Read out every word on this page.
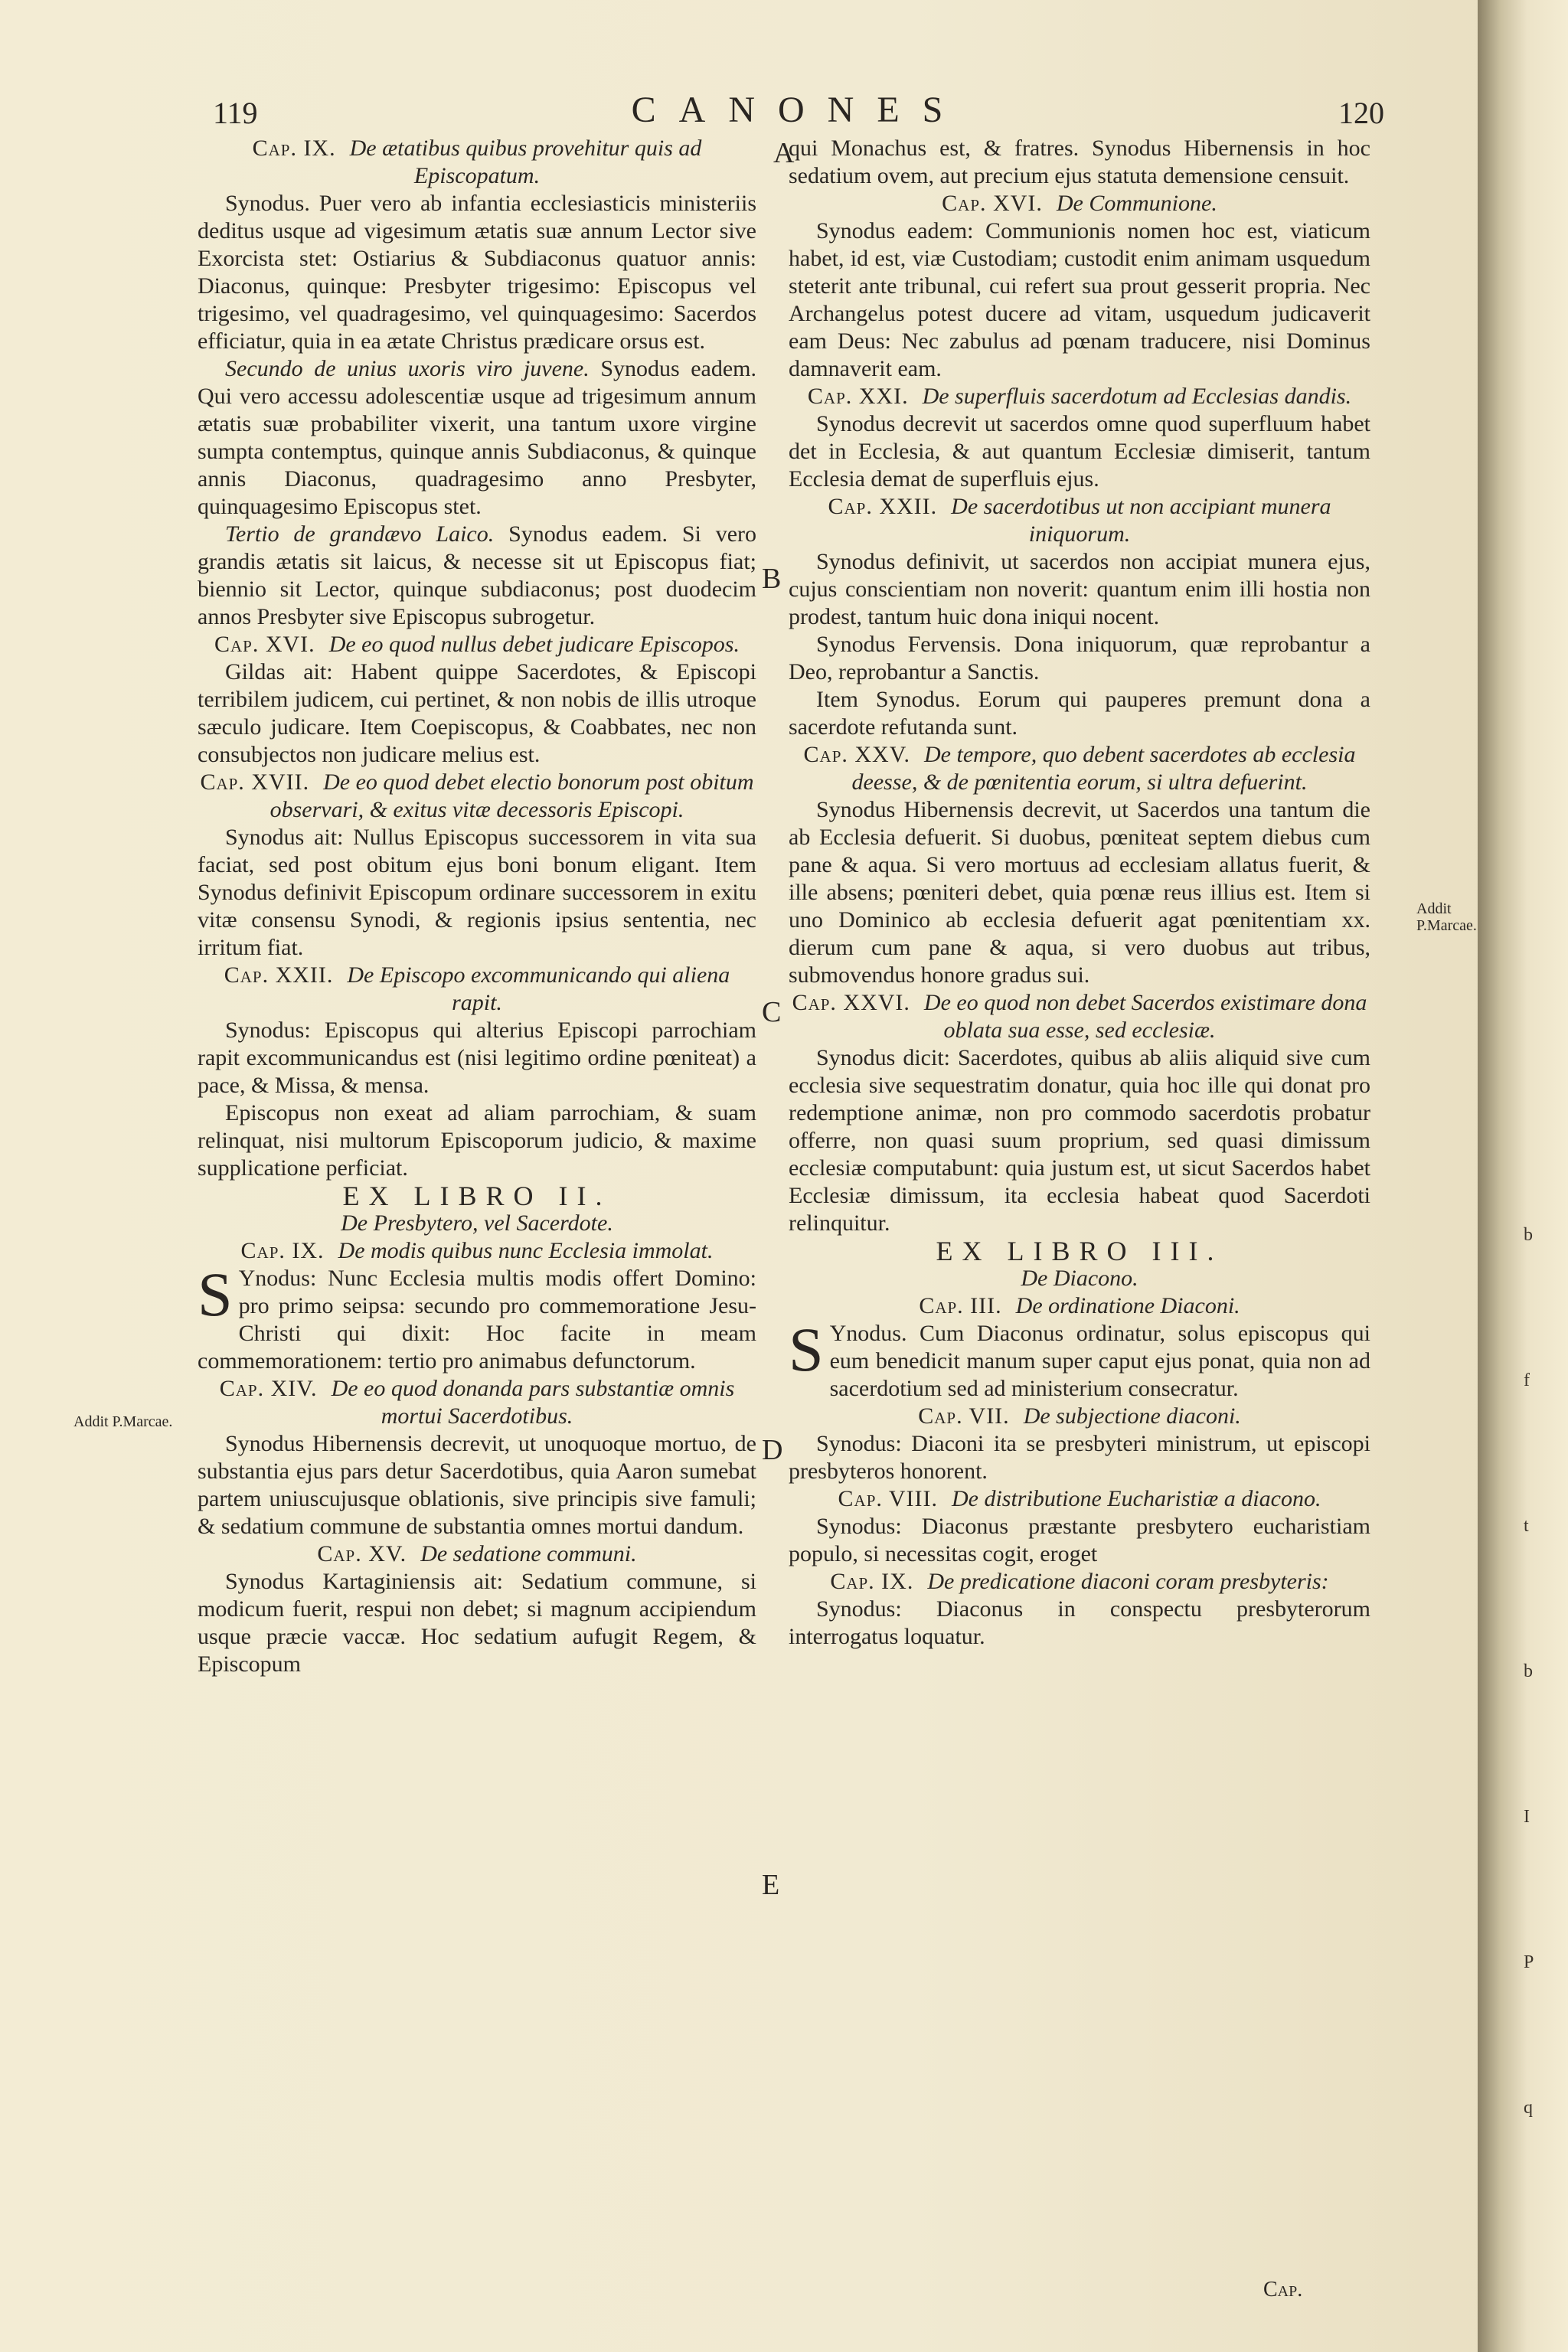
119	CANONES	120

Cap. IX. De ætatibus quibus provehitur quis ad Episcopatum.

Synodus. Puer vero ab infantia ecclesiasticis ministeriis deditus usque ad vigesimum ætatis suæ annum Lector sive Exorcista stet: Ostiarius & Subdiaconus quatuor annis: Diaconus, quinque: Presbyter trigesimo: Episcopus vel trigesimo, vel quadragesimo, vel quinquagesimo: Sacerdos efficiatur, quia in ea ætate Christus prædicare orsus est.

Secundo de unius uxoris viro juvene. Synodus eadem. Qui vero accessu adolescentiæ usque ad trigesimum annum ætatis suæ probabiliter vixerit, una tantum uxore virgine sumpta contemptus, quinque annis Subdiaconus, & quinque annis Diaconus, quadragesimo anno Presbyter, quinquagesimo Episcopus stet.

Tertio de grandævo Laico. Synodus eadem. Si vero grandis ætatis sit laicus, & necesse sit ut Episcopus fiat; biennio sit Lector, quinque subdiaconus; post duodecim annos Presbyter sive Episcopus subrogetur.

Cap. XVI. De eo quod nullus debet judicare Episcopos.

Gildas ait: Habent quippe Sacerdotes, & Episcopi terribilem judicem, cui pertinet, & non nobis de illis utroque sæculo judicare. Item Coepiscopus, & Coabbates, nec non consubjectos non judicare melius est.

Cap. XVII. De eo quod debet electio bonorum post obitum observari, & exitus vitæ decessoris Episcopi.

Synodus ait: Nullus Episcopus successorem in vita sua faciat, sed post obitum ejus boni bonum eligant. Item Synodus definivit Episcopum ordinare successorem in exitu vitæ consensu Synodi, & regionis ipsius sententia, nec irritum fiat.

Cap. XXII. De Episcopo excommunicando qui aliena rapit.

Synodus: Episcopus qui alterius Episcopi parrochiam rapit excommunicandus est (nisi legitimo ordine pœniteat) a pace, & Missa, & mensa.

Episcopus non exeat ad aliam parrochiam, & suam relinquat, nisi multorum Episcoporum judicio, & maxime supplicatione perficiat.

EX LIBRO II.

De Presbytero, vel Sacerdote.

Cap. IX. De modis quibus nunc Ecclesia immolat.

S Ynodus: Nunc Ecclesia multis modis offert Domino: pro primo seipsa: secundo pro commemoratione Jesu-Christi qui dixit: Hoc facite in meam commemorationem: tertio pro animabus defunctorum.

Cap. XIV. De eo quod donanda pars substantiæ omnis mortui Sacerdotibus.

Synodus Hibernensis decrevit, ut unoquoque mortuo, de substantia ejus pars detur Sacerdotibus, quia Aaron sumebat partem uniuscujusque oblationis, sive principis sive famuli; & sedatium commune de substantia omnes mortui dandum.

Cap. XV. De sedatione communi.

Synodus Kartaginiensis ait: Sedatium commune, si modicum fuerit, respui non debet; si magnum accipiendum usque præcie vaccæ. Hoc sedatium aufugit Regem, & Episcopum

qui Monachus est, & fratres. Synodus Hibernensis in hoc sedatium ovem, aut precium ejus statuta demensione censuit.

Cap. XVI. De Communione.

Synodus eadem: Communionis nomen hoc est, viaticum habet, id est, viæ Custodiam; custodit enim animam usquedum steterit ante tribunal, cui refert sua prout gesserit propria. Nec Archangelus potest ducere ad vitam, usquedum judicaverit eam Deus: Nec zabulus ad pœnam traducere, nisi Dominus damnaverit eam.

Cap. XXI. De superfluis sacerdotum ad Ecclesias dandis.

Synodus decrevit ut sacerdos omne quod superfluum habet det in Ecclesia, & aut quantum Ecclesiæ dimiserit, tantum Ecclesia demat de superfluis ejus.

Cap. XXII. De sacerdotibus ut non accipiant munera iniquorum.

Synodus definivit, ut sacerdos non accipiat munera ejus, cujus conscientiam non noverit: quantum enim illi hostia non prodest, tantum huic dona iniqui nocent.

Synodus Fervensis. Dona iniquorum, quæ reprobantur a Deo, reprobantur a Sanctis.

Item Synodus. Eorum qui pauperes premunt dona a sacerdote refutanda sunt.

Cap. XXV. De tempore, quo debent sacerdotes ab ecclesia deesse, & de pœnitentia eorum, si ultra defuerint.

Synodus Hibernensis decrevit, ut Sacerdos una tantum die ab Ecclesia defuerit. Si duobus, pœniteat septem diebus cum pane & aqua. Si vero mortuus ad ecclesiam allatus fuerit, & ille absens; pœniteri debet, quia pœnæ reus illius est. Item si uno Dominico ab ecclesia defuerit agat pœnitentiam xx. dierum cum pane & aqua, si vero duobus aut tribus, submovendus honore gradus sui.

Cap. XXVI. De eo quod non debet Sacerdos existimare dona oblata sua esse, sed ecclesiæ.

Synodus dicit: Sacerdotes, quibus ab aliis aliquid sive cum ecclesia sive sequestratim donatur, quia hoc ille qui donat pro redemptione animæ, non pro commodo sacerdotis probatur offerre, non quasi suum proprium, sed quasi dimissum ecclesiæ computabunt: quia justum est, ut sicut Sacerdos habet Ecclesiæ dimissum, ita ecclesia habeat quod Sacerdoti relinquitur.

EX LIBRO III.

De Diacono.

Cap. III. De ordinatione Diaconi.

S Ynodus. Cum Diaconus ordinatur, solus episcopus qui eum benedicit manum super caput ejus ponat, quia non ad sacerdotium sed ad ministerium consecratur.

Cap. VII. De subjectione diaconi.

Synodus: Diaconi ita se presbyteri ministrum, ut episcopi presbyteros honorent.

Cap. VIII. De distributione Eucharistiæ a diacono.

Synodus: Diaconus præstante presbytero eucharistiam populo, si necessitas cogit, eroget

Cap. IX. De predicatione diaconi coram presbyteris:

Synodus: Diaconus in conspectu presbyterorum interrogatus loquatur.

A
B
C
D
E
Addit P.Marcae.
Addit P.Marcae.
Cap.
b
f
t
b
I
P
q
